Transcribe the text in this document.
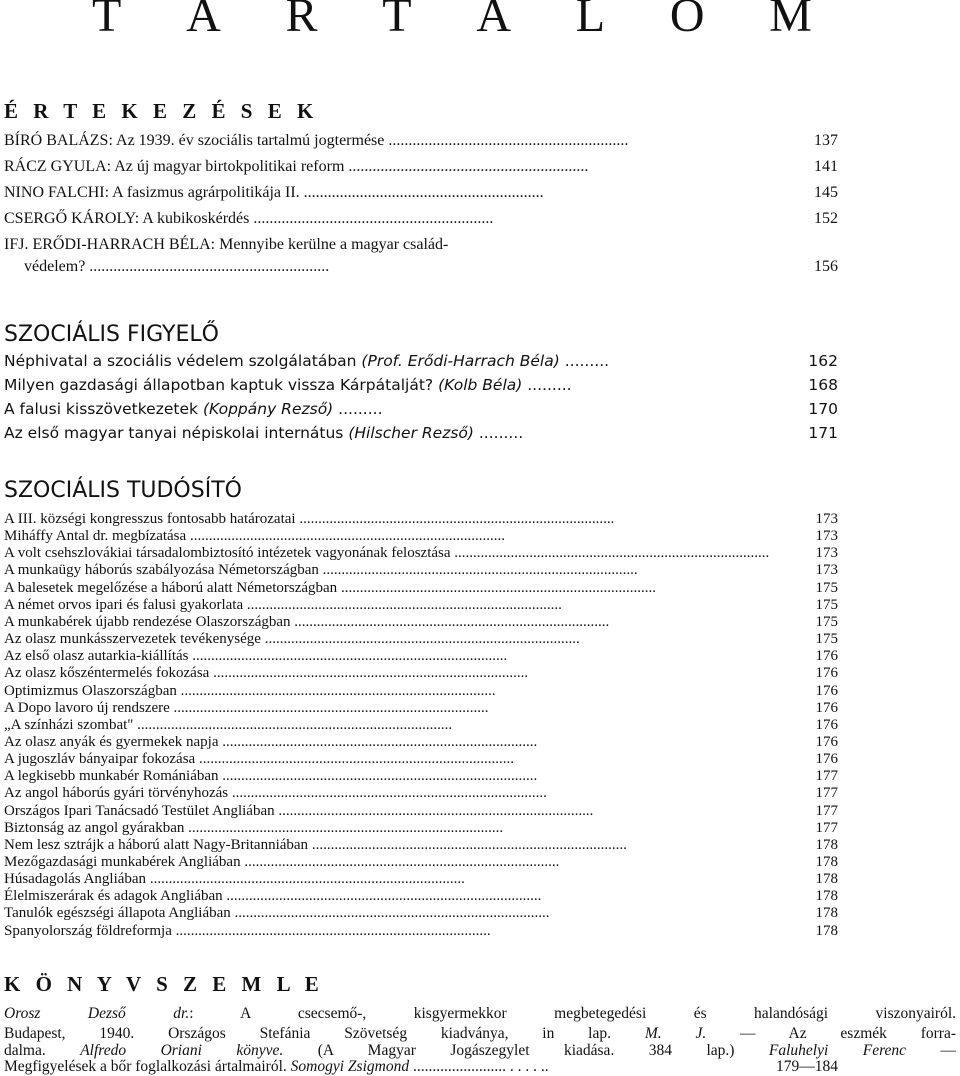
T A R T A L O M
É R T E K E Z É S E K
BÍRÓ BALÁZS: Az 1939. év szociális tartalmú jogtermése ............................................................	137
RÁCZ GYULA: Az új magyar birtokpolitikai reform ............................................................	141
NINO FALCHI: A fasizmus agrárpolitikája II. ............................................................	145
CSERGŐ KÁROLY: A kubikoskérdés ............................................................	152
IFJ. ERŐDI-HARRACH BÉLA: Mennyibe kerülne a magyar család-
védelem? ............................................................	156
SZOCIÁLIS FIGYELŐ
Néphivatal a szociális védelem szolgálatában (Prof. Erődi-Harrach Béla) .........	162
Milyen gazdasági állapotban kaptuk vissza Kárpátalját? (Kolb Béla) .........	168
A falusi kisszövetkezetek (Koppány Rezső) .........	170
Az első magyar tanyai népiskolai internátus (Hilscher Rezső) .........	171
SZOCIÁLIS TUDÓSÍTÓ
A III. községi kongresszus fontosabb határozatai ....................................................................................	173
Miháffy Antal dr. megbízatása ....................................................................................	173
A volt csehszlovákiai társadalombiztosító intézetek vagyonának felosztása ....................................................................................	173
A munkaügy háborús szabályozása Németországban ....................................................................................	173
A balesetek megelőzése a háború alatt Németországban ....................................................................................	175
A német orvos ipari és falusi gyakorlata ....................................................................................	175
A munkabérek újabb rendezése Olaszországban ....................................................................................	175
Az olasz munkásszervezetek tevékenysége ....................................................................................	175
Az első olasz autarkia-kiállítás ....................................................................................	176
Az olasz kőszéntermelés fokozása ....................................................................................	176
Optimizmus Olaszországban ....................................................................................	176
A Dopo lavoro új rendszere ....................................................................................	176
„A színházi szombat" ....................................................................................	176
Az olasz anyák és gyermekek napja ....................................................................................	176
A jugoszláv bányaipar fokozása ....................................................................................	176
A legkisebb munkabér Romániában ....................................................................................	177
Az angol háborús gyári törvényhozás ....................................................................................	177
Országos Ipari Tanácsadó Testület Angliában ....................................................................................	177
Biztonság az angol gyárakban ....................................................................................	177
Nem lesz sztrájk a háború alatt Nagy-Britanniában ....................................................................................	178
Mezőgazdasági munkabérek Angliában ....................................................................................	178
Húsadagolás Angliában ....................................................................................	178
Élelmiszerárak és adagok Angliában ....................................................................................	178
Tanulók egészségi állapota Angliában ....................................................................................	178
Spanyolország földreformja ....................................................................................	178
K Ö N Y V S Z E M L E
Orosz Dezső	dr.: A csecsemő-, kisgyermekkor megbetegedési és halandósági viszonyairól.
Budapest, 1940. Országos Stefánia Szövetség kiadványa, in lap. M. J. — Az eszmék forra-
dalma. Alfredo Oriani könyve. (A Magyar Jogászegylet kiadása. 384 lap.) Faluhelyi Ferenc —
Megfigyelések a bőr foglalkozási ártalmairól. Somogyi Zsigmond ........................ . . . . ..	179—184
